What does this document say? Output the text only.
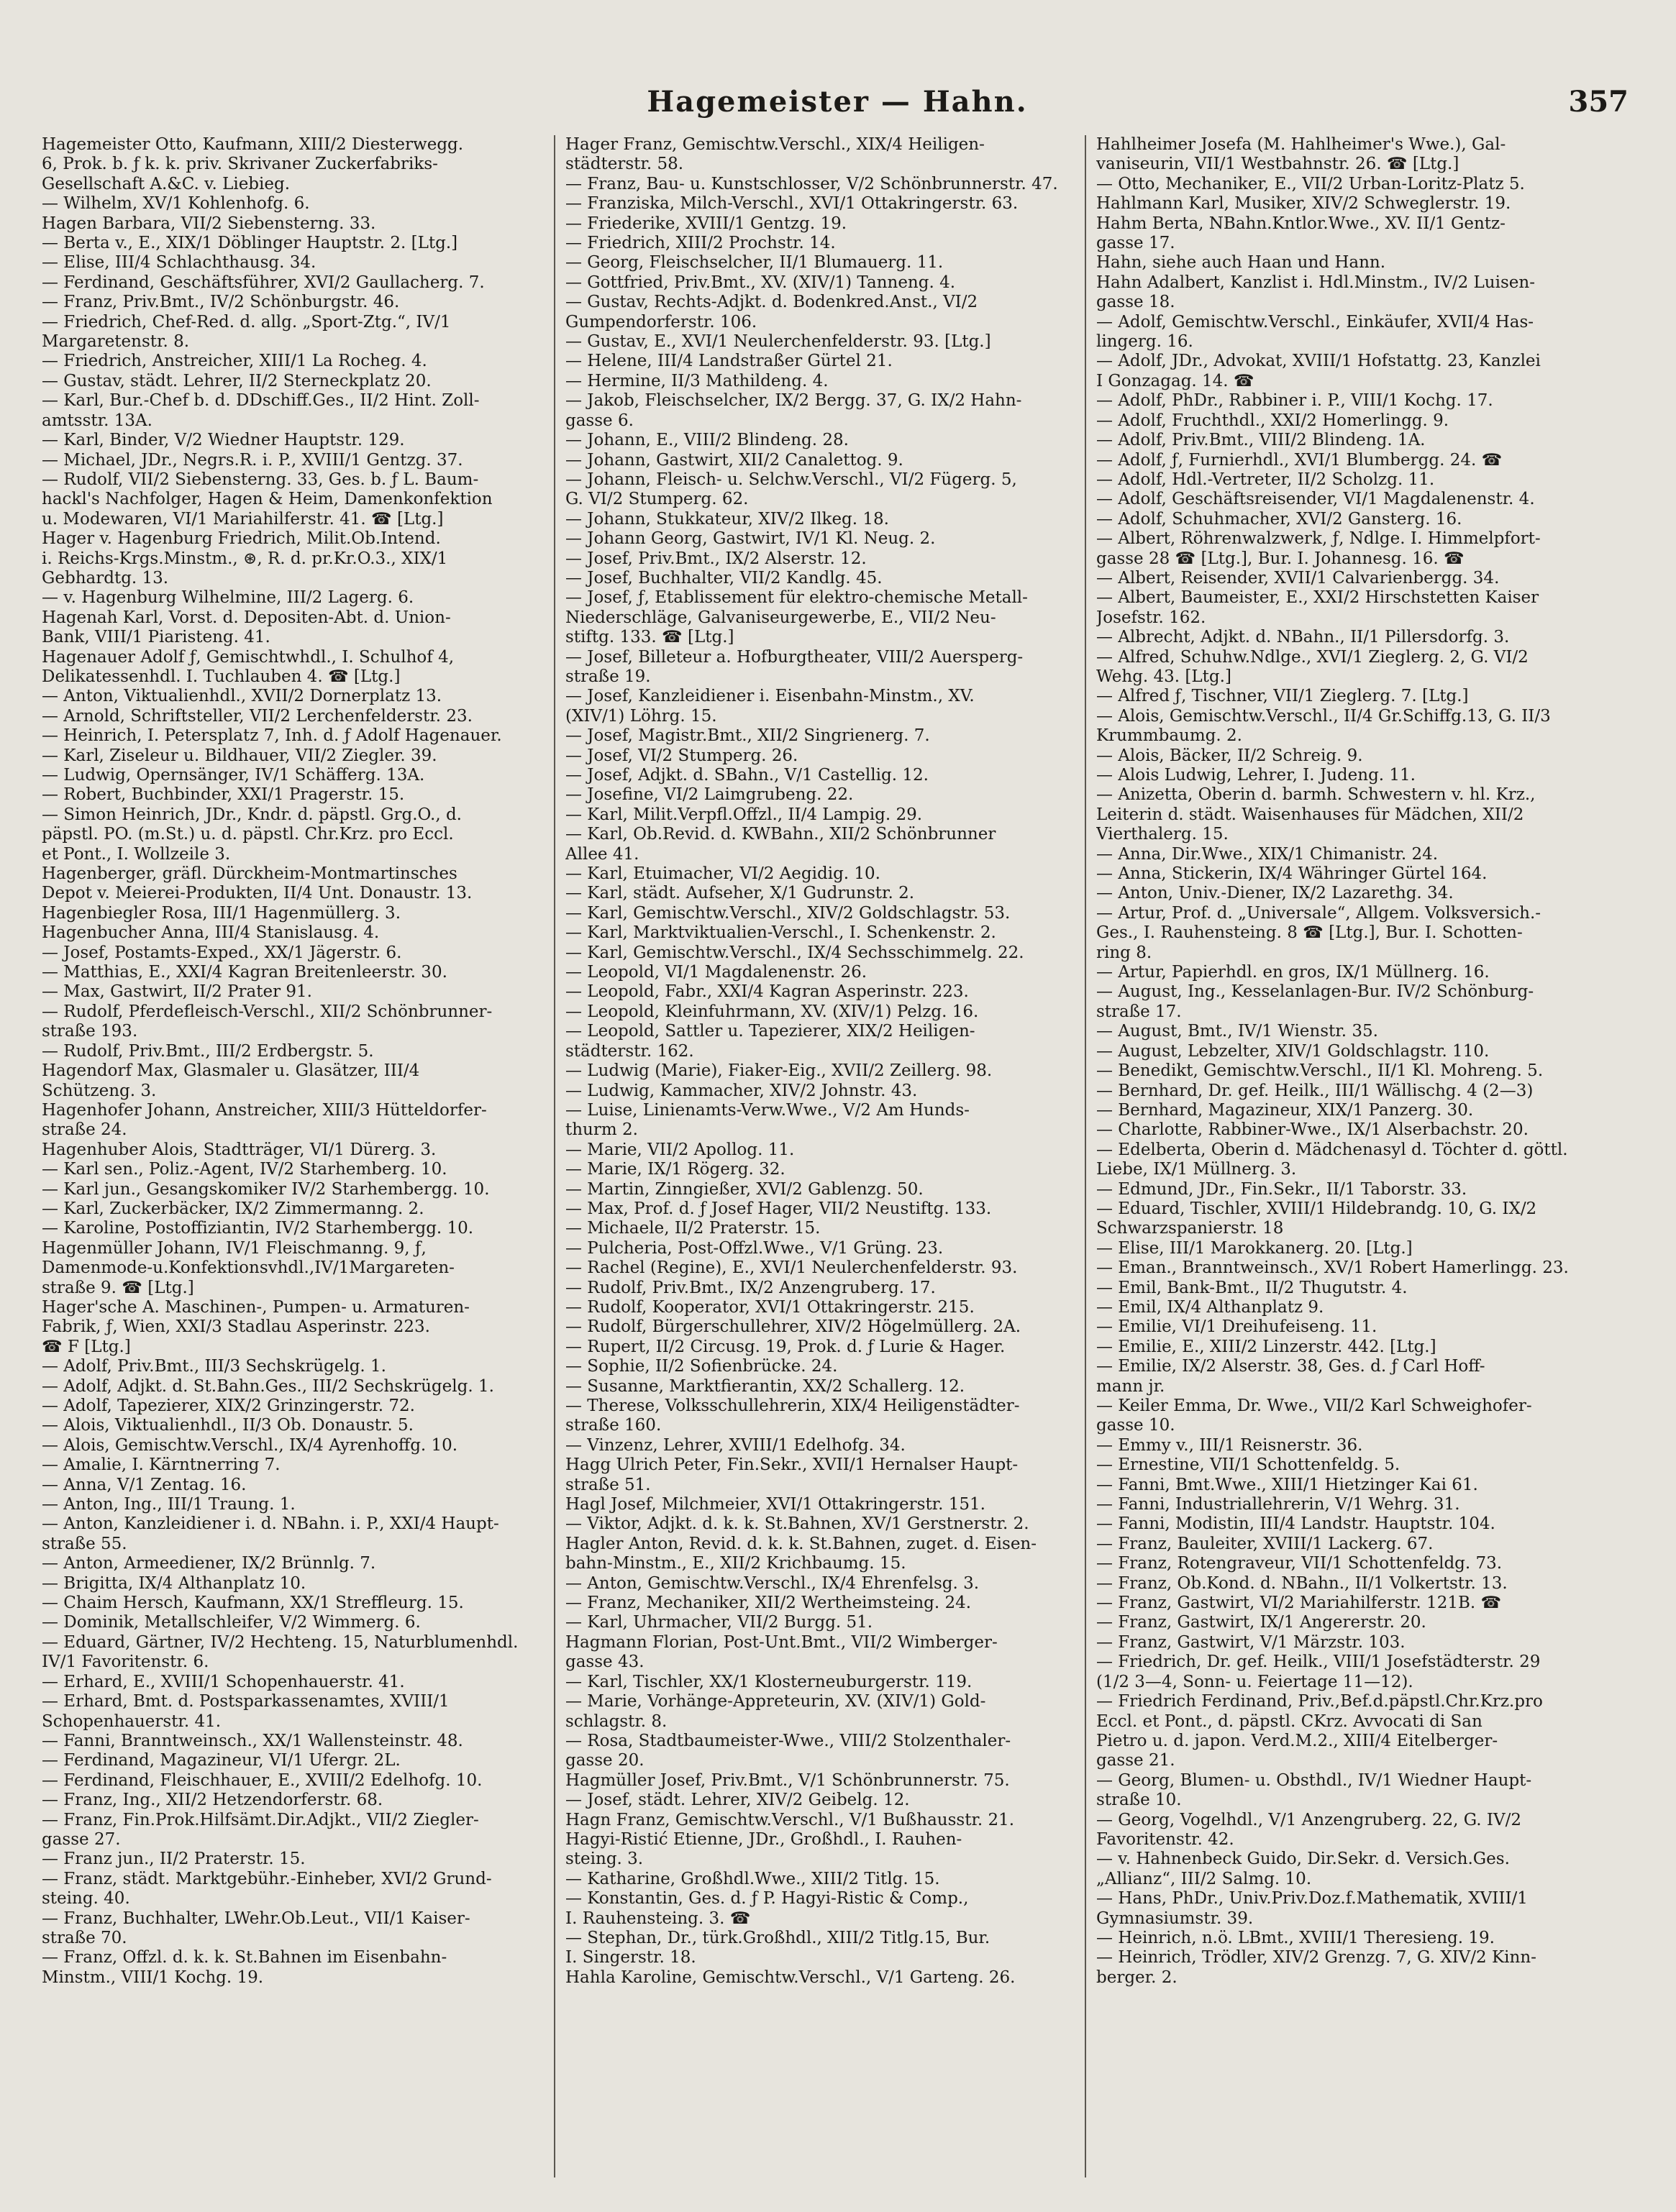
Hagemeister — Hahn.	357
Hagemeister Otto, Kaufmann, XIII/2 Diesterwegg.
6, Prok. b. ƒ k. k. priv. Skrivaner Zuckerfabriks-
Gesellschaft A.&C. v. Liebieg.
— Wilhelm, XV/1 Kohlenhofg. 6.
Hagen Barbara, VII/2 Siebensterng. 33.
— Berta v., E., XIX/1 Döblinger Hauptstr. 2. [Ltg.]
— Elise, III/4 Schlachthausg. 34.
— Ferdinand, Geschäftsführer, XVI/2 Gaullacherg. 7.
— Franz, Priv.Bmt., IV/2 Schönburgstr. 46.
— Friedrich, Chef-Red. d. allg. „Sport-Ztg.“, IV/1
Margaretenstr. 8.
— Friedrich, Anstreicher, XIII/1 La Rocheg. 4.
— Gustav, städt. Lehrer, II/2 Sterneckplatz 20.
— Karl, Bur.-Chef b. d. DDschiff.Ges., II/2 Hint. Zoll-
amtsstr. 13A.
— Karl, Binder, V/2 Wiedner Hauptstr. 129.
— Michael, JDr., Negrs.R. i. P., XVIII/1 Gentzg. 37.
— Rudolf, VII/2 Siebensterng. 33, Ges. b. ƒ L. Baum-
hackl's Nachfolger, Hagen & Heim, Damenkonfektion
u. Modewaren, VI/1 Mariahilferstr. 41. ☎ [Ltg.]
Hager v. Hagenburg Friedrich, Milit.Ob.Intend.
i. Reichs-Krgs.Minstm., ⊛, R. d. pr.Kr.O.3., XIX/1
Gebhardtg. 13.
— v. Hagenburg Wilhelmine, III/2 Lagerg. 6.
Hagenah Karl, Vorst. d. Depositen-Abt. d. Union-
Bank, VIII/1 Piaristeng. 41.
Hagenauer Adolf ƒ, Gemischtwhdl., I. Schulhof 4,
Delikatessenhdl. I. Tuchlauben 4. ☎ [Ltg.]
— Anton, Viktualienhdl., XVII/2 Dornerplatz 13.
— Arnold, Schriftsteller, VII/2 Lerchenfelderstr. 23.
— Heinrich, I. Petersplatz 7, Inh. d. ƒ Adolf Hagenauer.
— Karl, Ziseleur u. Bildhauer, VII/2 Ziegler. 39.
— Ludwig, Opernsänger, IV/1 Schäfferg. 13A.
— Robert, Buchbinder, XXI/1 Pragerstr. 15.
— Simon Heinrich, JDr., Kndr. d. päpstl. Grg.O., d.
päpstl. PO. (m.St.) u. d. päpstl. Chr.Krz. pro Eccl.
et Pont., I. Wollzeile 3.
Hagenberger, gräfl. Dürckheim-Montmartinsches
Depot v. Meierei-Produkten, II/4 Unt. Donaustr. 13.
Hagenbiegler Rosa, III/1 Hagenmüllerg. 3.
Hagenbucher Anna, III/4 Stanislausg. 4.
— Josef, Postamts-Exped., XX/1 Jägerstr. 6.
— Matthias, E., XXI/4 Kagran Breitenleerstr. 30.
— Max, Gastwirt, II/2 Prater 91.
— Rudolf, Pferdefleisch-Verschl., XII/2 Schönbrunner-
straße 193.
— Rudolf, Priv.Bmt., III/2 Erdbergstr. 5.
Hagendorf Max, Glasmaler u. Glasätzer, III/4
Schützeng. 3.
Hagenhofer Johann, Anstreicher, XIII/3 Hütteldorfer-
straße 24.
Hagenhuber Alois, Stadtträger, VI/1 Dürerg. 3.
— Karl sen., Poliz.-Agent, IV/2 Starhemberg. 10.
— Karl jun., Gesangskomiker IV/2 Starhembergg. 10.
— Karl, Zuckerbäcker, IX/2 Zimmermanng. 2.
— Karoline, Postoffiziantin, IV/2 Starhembergg. 10.
Hagenmüller Johann, IV/1 Fleischmanng. 9, ƒ,
Damenmode-u.Konfektionsvhdl.,IV/1Margareten-
straße 9. ☎ [Ltg.]
Hager'sche A. Maschinen-, Pumpen- u. Armaturen-
Fabrik, ƒ, Wien, XXI/3 Stadlau Asperinstr. 223.
☎ F [Ltg.]
— Adolf, Priv.Bmt., III/3 Sechskrügelg. 1.
— Adolf, Adjkt. d. St.Bahn.Ges., III/2 Sechskrügelg. 1.
— Adolf, Tapezierer, XIX/2 Grinzingerstr. 72.
— Alois, Viktualienhdl., II/3 Ob. Donaustr. 5.
— Alois, Gemischtw.Verschl., IX/4 Ayrenhoffg. 10.
— Amalie, I. Kärntnerring 7.
— Anna, V/1 Zentag. 16.
— Anton, Ing., III/1 Traung. 1.
— Anton, Kanzleidiener i. d. NBahn. i. P., XXI/4 Haupt-
straße 55.
— Anton, Armeediener, IX/2 Brünnlg. 7.
— Brigitta, IX/4 Althanplatz 10.
— Chaim Hersch, Kaufmann, XX/1 Streffleurg. 15.
— Dominik, Metallschleifer, V/2 Wimmerg. 6.
— Eduard, Gärtner, IV/2 Hechteng. 15, Naturblumenhdl.
IV/1 Favoritenstr. 6.
— Erhard, E., XVIII/1 Schopenhauerstr. 41.
— Erhard, Bmt. d. Postsparkassenamtes, XVIII/1
Schopenhauerstr. 41.
— Fanni, Branntweinsch., XX/1 Wallensteinstr. 48.
— Ferdinand, Magazineur, VI/1 Ufergr. 2L.
— Ferdinand, Fleischhauer, E., XVIII/2 Edelhofg. 10.
— Franz, Ing., XII/2 Hetzendorferstr. 68.
— Franz, Fin.Prok.Hilfsämt.Dir.Adjkt., VII/2 Ziegler-
gasse 27.
— Franz jun., II/2 Praterstr. 15.
— Franz, städt. Marktgebühr.-Einheber, XVI/2 Grund-
steing. 40.
— Franz, Buchhalter, LWehr.Ob.Leut., VII/1 Kaiser-
straße 70.
— Franz, Offzl. d. k. k. St.Bahnen im Eisenbahn-
Minstm., VIII/1 Kochg. 19.
Hager Franz, Gemischtw.Verschl., XIX/4 Heiligen-
städterstr. 58.
— Franz, Bau- u. Kunstschlosser, V/2 Schönbrunnerstr. 47.
— Franziska, Milch-Verschl., XVI/1 Ottakringerstr. 63.
— Friederike, XVIII/1 Gentzg. 19.
— Friedrich, XIII/2 Prochstr. 14.
— Georg, Fleischselcher, II/1 Blumauerg. 11.
— Gottfried, Priv.Bmt., XV. (XIV/1) Tanneng. 4.
— Gustav, Rechts-Adjkt. d. Bodenkred.Anst., VI/2
Gumpendorferstr. 106.
— Gustav, E., XVI/1 Neulerchenfelderstr. 93. [Ltg.]
— Helene, III/4 Landstraßer Gürtel 21.
— Hermine, II/3 Mathildeng. 4.
— Jakob, Fleischselcher, IX/2 Bergg. 37, G. IX/2 Hahn-
gasse 6.
— Johann, E., VIII/2 Blindeng. 28.
— Johann, Gastwirt, XII/2 Canalettog. 9.
— Johann, Fleisch- u. Selchw.Verschl., VI/2 Fügerg. 5,
G. VI/2 Stumperg. 62.
— Johann, Stukkateur, XIV/2 Ilkeg. 18.
— Johann Georg, Gastwirt, IV/1 Kl. Neug. 2.
— Josef, Priv.Bmt., IX/2 Alserstr. 12.
— Josef, Buchhalter, VII/2 Kandlg. 45.
— Josef, ƒ, Etablissement für elektro-chemische Metall-
Niederschläge, Galvaniseurgewerbe, E., VII/2 Neu-
stiftg. 133. ☎ [Ltg.]
— Josef, Billeteur a. Hofburgtheater, VIII/2 Auersperg-
straße 19.
— Josef, Kanzleidiener i. Eisenbahn-Minstm., XV.
(XIV/1) Löhrg. 15.
— Josef, Magistr.Bmt., XII/2 Singrienerg. 7.
— Josef, VI/2 Stumperg. 26.
— Josef, Adjkt. d. SBahn., V/1 Castellig. 12.
— Josefine, VI/2 Laimgrubeng. 22.
— Karl, Milit.Verpfl.Offzl., II/4 Lampig. 29.
— Karl, Ob.Revid. d. KWBahn., XII/2 Schönbrunner
Allee 41.
— Karl, Etuimacher, VI/2 Aegidig. 10.
— Karl, städt. Aufseher, X/1 Gudrunstr. 2.
— Karl, Gemischtw.Verschl., XIV/2 Goldschlagstr. 53.
— Karl, Marktviktualien-Verschl., I. Schenkenstr. 2.
— Karl, Gemischtw.Verschl., IX/4 Sechsschimmelg. 22.
— Leopold, VI/1 Magdalenenstr. 26.
— Leopold, Fabr., XXI/4 Kagran Asperinstr. 223.
— Leopold, Kleinfuhrmann, XV. (XIV/1) Pelzg. 16.
— Leopold, Sattler u. Tapezierer, XIX/2 Heiligen-
städterstr. 162.
— Ludwig (Marie), Fiaker-Eig., XVII/2 Zeillerg. 98.
— Ludwig, Kammacher, XIV/2 Johnstr. 43.
— Luise, Linienamts-Verw.Wwe., V/2 Am Hunds-
thurm 2.
— Marie, VII/2 Apollog. 11.
— Marie, IX/1 Rögerg. 32.
— Martin, Zinngießer, XVI/2 Gablenzg. 50.
— Max, Prof. d. ƒ Josef Hager, VII/2 Neustiftg. 133.
— Michaele, II/2 Praterstr. 15.
— Pulcheria, Post-Offzl.Wwe., V/1 Grüng. 23.
— Rachel (Regine), E., XVI/1 Neulerchenfelderstr. 93.
— Rudolf, Priv.Bmt., IX/2 Anzengruberg. 17.
— Rudolf, Kooperator, XVI/1 Ottakringerstr. 215.
— Rudolf, Bürgerschullehrer, XIV/2 Högelmüllerg. 2A.
— Rupert, II/2 Circusg. 19, Prok. d. ƒ Lurie & Hager.
— Sophie, II/2 Sofienbrücke. 24.
— Susanne, Marktfierantin, XX/2 Schallerg. 12.
— Therese, Volksschullehrerin, XIX/4 Heiligenstädter-
straße 160.
— Vinzenz, Lehrer, XVIII/1 Edelhofg. 34.
Hagg Ulrich Peter, Fin.Sekr., XVII/1 Hernalser Haupt-
straße 51.
Hagl Josef, Milchmeier, XVI/1 Ottakringerstr. 151.
— Viktor, Adjkt. d. k. k. St.Bahnen, XV/1 Gerstnerstr. 2.
Hagler Anton, Revid. d. k. k. St.Bahnen, zuget. d. Eisen-
bahn-Minstm., E., XII/2 Krichbaumg. 15.
— Anton, Gemischtw.Verschl., IX/4 Ehrenfelsg. 3.
— Franz, Mechaniker, XII/2 Wertheimsteing. 24.
— Karl, Uhrmacher, VII/2 Burgg. 51.
Hagmann Florian, Post-Unt.Bmt., VII/2 Wimberger-
gasse 43.
— Karl, Tischler, XX/1 Klosterneuburgerstr. 119.
— Marie, Vorhänge-Appreteurin, XV. (XIV/1) Gold-
schlagstr. 8.
— Rosa, Stadtbaumeister-Wwe., VIII/2 Stolzenthaler-
gasse 20.
Hagmüller Josef, Priv.Bmt., V/1 Schönbrunnerstr. 75.
— Josef, städt. Lehrer, XIV/2 Geibelg. 12.
Hagn Franz, Gemischtw.Verschl., V/1 Bußhausstr. 21.
Hagyi-Ristić Etienne, JDr., Großhdl., I. Rauhen-
steing. 3.
— Katharine, Großhdl.Wwe., XIII/2 Titlg. 15.
— Konstantin, Ges. d. ƒ P. Hagyi-Ristic & Comp.,
I. Rauhensteing. 3. ☎
— Stephan, Dr., türk.Großhdl., XIII/2 Titlg.15, Bur.
I. Singerstr. 18.
Hahla Karoline, Gemischtw.Verschl., V/1 Garteng. 26.
Hahlheimer Josefa (M. Hahlheimer's Wwe.), Gal-
vaniseurin, VII/1 Westbahnstr. 26. ☎ [Ltg.]
— Otto, Mechaniker, E., VII/2 Urban-Loritz-Platz 5.
Hahlmann Karl, Musiker, XIV/2 Schweglerstr. 19.
Hahm Berta, NBahn.Kntlor.Wwe., XV. II/1 Gentz-
gasse 17.
Hahn, siehe auch Haan und Hann.
Hahn Adalbert, Kanzlist i. Hdl.Minstm., IV/2 Luisen-
gasse 18.
— Adolf, Gemischtw.Verschl., Einkäufer, XVII/4 Has-
lingerg. 16.
— Adolf, JDr., Advokat, XVIII/1 Hofstattg. 23, Kanzlei
I Gonzagag. 14. ☎
— Adolf, PhDr., Rabbiner i. P., VIII/1 Kochg. 17.
— Adolf, Fruchthdl., XXI/2 Homerlingg. 9.
— Adolf, Priv.Bmt., VIII/2 Blindeng. 1A.
— Adolf, ƒ, Furnierhdl., XVI/1 Blumbergg. 24. ☎
— Adolf, Hdl.-Vertreter, II/2 Scholzg. 11.
— Adolf, Geschäftsreisender, VI/1 Magdalenenstr. 4.
— Adolf, Schuhmacher, XVI/2 Gansterg. 16.
— Albert, Röhrenwalzwerk, ƒ, Ndlge. I. Himmelpfort-
gasse 28 ☎ [Ltg.], Bur. I. Johannesg. 16. ☎
— Albert, Reisender, XVII/1 Calvarienbergg. 34.
— Albert, Baumeister, E., XXI/2 Hirschstetten Kaiser
Josefstr. 162.
— Albrecht, Adjkt. d. NBahn., II/1 Pillersdorfg. 3.
— Alfred, Schuhw.Ndlge., XVI/1 Zieglerg. 2, G. VI/2
Wehg. 43. [Ltg.]
— Alfred ƒ, Tischner, VII/1 Zieglerg. 7. [Ltg.]
— Alois, Gemischtw.Verschl., II/4 Gr.Schiffg.13, G. II/3
Krummbaumg. 2.
— Alois, Bäcker, II/2 Schreig. 9.
— Alois Ludwig, Lehrer, I. Judeng. 11.
— Anizetta, Oberin d. barmh. Schwestern v. hl. Krz.,
Leiterin d. städt. Waisenhauses für Mädchen, XII/2
Vierthalerg. 15.
— Anna, Dir.Wwe., XIX/1 Chimanistr. 24.
— Anna, Stickerin, IX/4 Währinger Gürtel 164.
— Anton, Univ.-Diener, IX/2 Lazarethg. 34.
— Artur, Prof. d. „Universale“, Allgem. Volksversich.-
Ges., I. Rauhensteing. 8 ☎ [Ltg.], Bur. I. Schotten-
ring 8.
— Artur, Papierhdl. en gros, IX/1 Müllnerg. 16.
— August, Ing., Kesselanlagen-Bur. IV/2 Schönburg-
straße 17.
— August, Bmt., IV/1 Wienstr. 35.
— August, Lebzelter, XIV/1 Goldschlagstr. 110.
— Benedikt, Gemischtw.Verschl., II/1 Kl. Mohreng. 5.
— Bernhard, Dr. gef. Heilk., III/1 Wällischg. 4 (2—3)
— Bernhard, Magazineur, XIX/1 Panzerg. 30.
— Charlotte, Rabbiner-Wwe., IX/1 Alserbachstr. 20.
— Edelberta, Oberin d. Mädchenasyl d. Töchter d. göttl.
Liebe, IX/1 Müllnerg. 3.
— Edmund, JDr., Fin.Sekr., II/1 Taborstr. 33.
— Eduard, Tischler, XVIII/1 Hildebrandg. 10, G. IX/2
Schwarzspanierstr. 18
— Elise, III/1 Marokkanerg. 20. [Ltg.]
— Eman., Branntweinsch., XV/1 Robert Hamerlingg. 23.
— Emil, Bank-Bmt., II/2 Thugutstr. 4.
— Emil, IX/4 Althanplatz 9.
— Emilie, VI/1 Dreihufeiseng. 11.
— Emilie, E., XIII/2 Linzerstr. 442. [Ltg.]
— Emilie, IX/2 Alserstr. 38, Ges. d. ƒ Carl Hoff-
mann jr.
— Keiler Emma, Dr. Wwe., VII/2 Karl Schweighofer-
gasse 10.
— Emmy v., III/1 Reisnerstr. 36.
— Ernestine, VII/1 Schottenfeldg. 5.
— Fanni, Bmt.Wwe., XIII/1 Hietzinger Kai 61.
— Fanni, Industriallehrerin, V/1 Wehrg. 31.
— Fanni, Modistin, III/4 Landstr. Hauptstr. 104.
— Franz, Bauleiter, XVIII/1 Lackerg. 67.
— Franz, Rotengraveur, VII/1 Schottenfeldg. 73.
— Franz, Ob.Kond. d. NBahn., II/1 Volkertstr. 13.
— Franz, Gastwirt, VI/2 Mariahilferstr. 121B. ☎
— Franz, Gastwirt, IX/1 Angererstr. 20.
— Franz, Gastwirt, V/1 Märzstr. 103.
— Friedrich, Dr. gef. Heilk., VIII/1 Josefstädterstr. 29
(1/2 3—4, Sonn- u. Feiertage 11—12).
— Friedrich Ferdinand, Priv.,Bef.d.päpstl.Chr.Krz.pro
Eccl. et Pont., d. päpstl. CKrz. Avvocati di San
Pietro u. d. japon. Verd.M.2., XIII/4 Eitelberger-
gasse 21.
— Georg, Blumen- u. Obsthdl., IV/1 Wiedner Haupt-
straße 10.
— Georg, Vogelhdl., V/1 Anzengruberg. 22, G. IV/2
Favoritenstr. 42.
— v. Hahnenbeck Guido, Dir.Sekr. d. Versich.Ges.
„Allianz“, III/2 Salmg. 10.
— Hans, PhDr., Univ.Priv.Doz.f.Mathematik, XVIII/1
Gymnasiumstr. 39.
— Heinrich, n.ö. LBmt., XVIII/1 Theresieng. 19.
— Heinrich, Trödler, XIV/2 Grenzg. 7, G. XIV/2 Kinn-
berger. 2.
